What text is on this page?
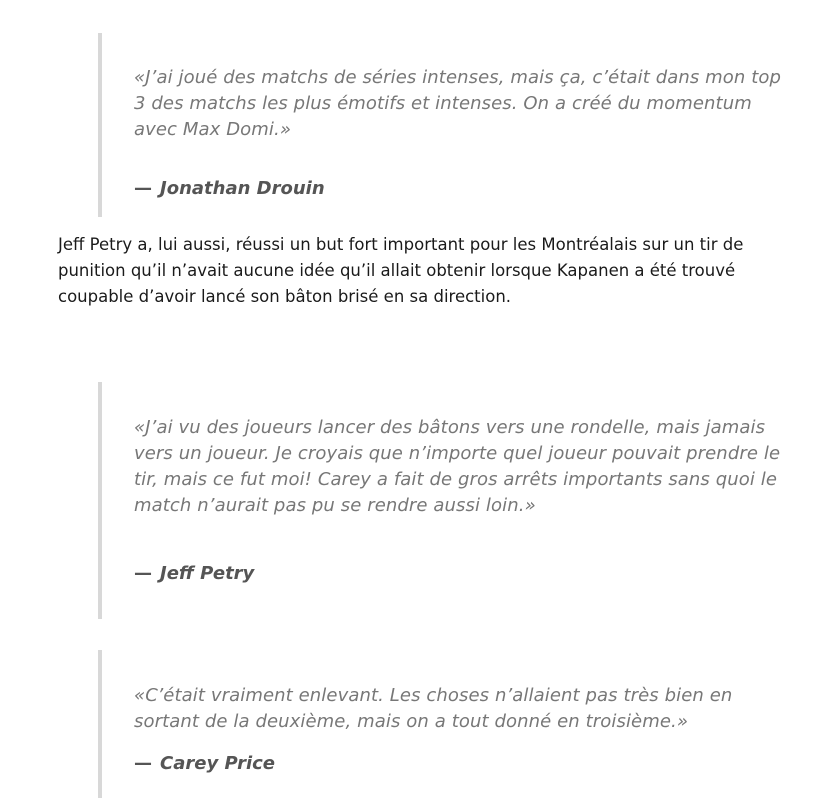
«J’ai joué des matchs de séries intenses, mais ça, c’était dans mon top 3 des matchs les plus émotifs et intenses. On a créé du momentum avec Max Domi.»

— Jonathan Drouin

Jeff Petry a, lui aussi, réussi un but fort important pour les Montréalais sur un tir de punition qu’il n’avait aucune idée qu’il allait obtenir lorsque Kapanen a été trouvé coupable d’avoir lancé son bâton brisé en sa direction.

«J’ai vu des joueurs lancer des bâtons vers une rondelle, mais jamais vers un joueur. Je croyais que n’importe quel joueur pouvait prendre le tir, mais ce fut moi! Carey a fait de gros arrêts importants sans quoi le match n’aurait pas pu se rendre aussi loin.»

— Jeff Petry

«C’était vraiment enlevant. Les choses n’allaient pas très bien en sortant de la deuxième, mais on a tout donné en troisième.»

— Carey Price
